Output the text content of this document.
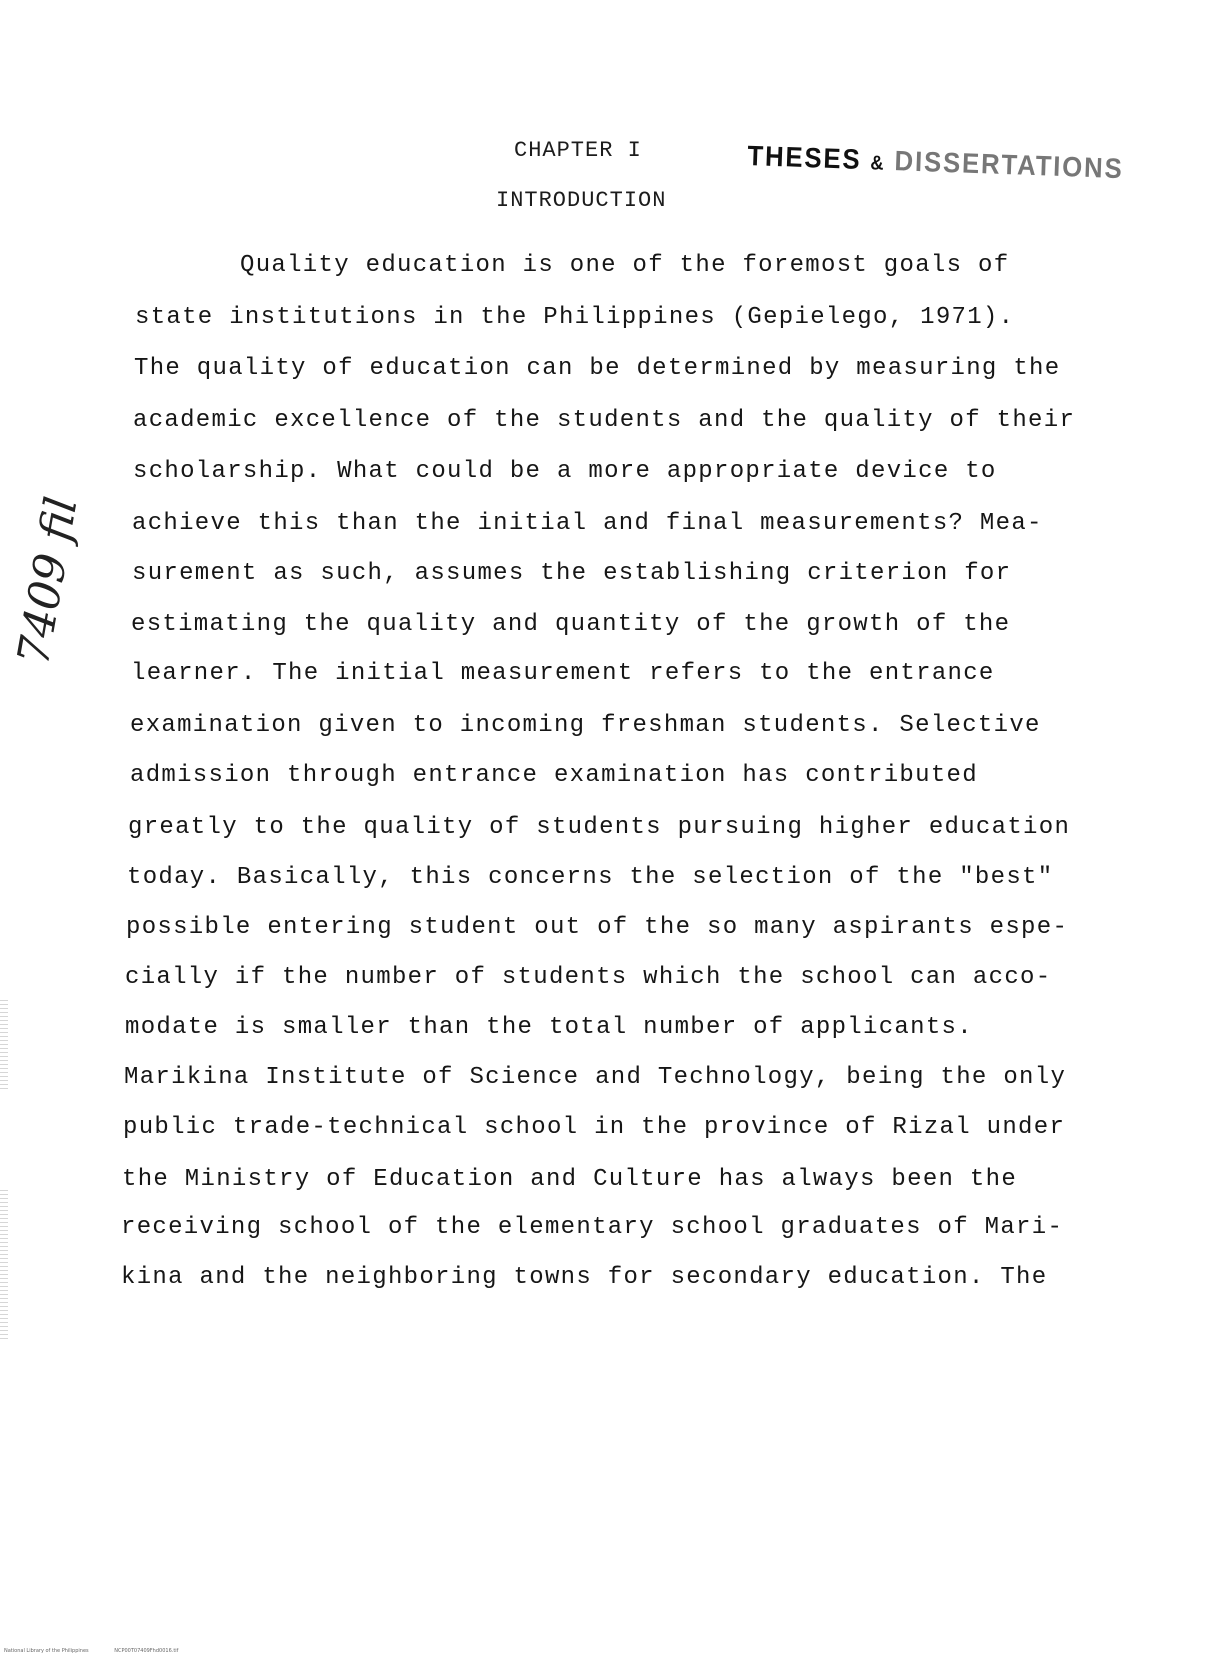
CHAPTER I
INTRODUCTION
THESES & DISSERTATIONS
Quality education is one of the foremost goals of
state institutions in the Philippines (Gepielego, 1971).
The quality of education can be determined by measuring the
academic excellence of the students and the quality of their
scholarship. What could be a more appropriate device to
achieve this than the initial and final measurements? Mea-
surement as such, assumes the establishing criterion for
estimating the quality and quantity of the growth of the
learner. The initial measurement refers to the entrance
examination given to incoming freshman students. Selective
admission through entrance examination has contributed
greatly to the quality of students pursuing higher education
today. Basically, this concerns the selection of the "best"
possible entering student out of the so many aspirants espe-
cially if the number of students which the school can acco-
modate is smaller than the total number of applicants.
Marikina Institute of Science and Technology, being the only
public trade-technical school in the province of Rizal under
the Ministry of Education and Culture has always been the
receiving school of the elementary school graduates of Mari-
kina and the neighboring towns for secondary education. The
7409 fil
National Library of the Philippines	NCP00T07409Fhd0016.tif
